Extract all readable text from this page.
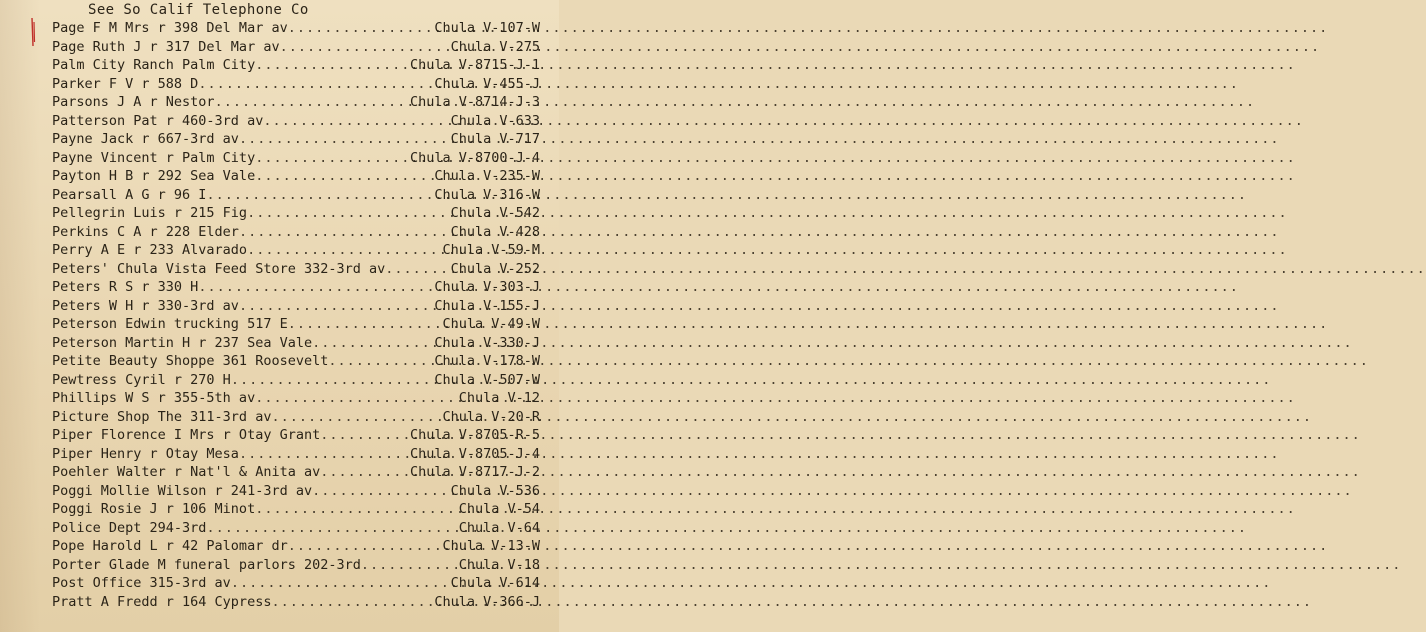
See So Calif Telephone Co
Page F M Mrs r 398 Del Mar av .....	Chula V-107-W
Page Ruth J r 317 Del Mar av .....	Chula V-275
Palm City Ranch Palm City .....	Chula V-8715-J-1
Parker F V r 588 D .....	Chula V-455-J
Parsons J A r Nestor .....	Chula V-8714-J-3
Patterson Pat r 460-3rd av .....	Chula V-633
Payne Jack r 667-3rd av .....	Chula V-717
Payne Vincent r Palm City .....	Chula V-8700-J-4
Payton H B r 292 Sea Vale .....	Chula V-235-W
Pearsall A G r 96 I .....	Chula V-316-W
Pellegrin Luis r 215 Fig .....	Chula V-542
Perkins C A r 228 Elder .....	Chula V-428
Perry A E r 233 Alvarado .....	Chula V-59-M
Peters' Chula Vista Feed Store 332-3rd av .....	Chula V-252
Peters R S r 330 H .....	Chula V-303-J
Peters W H r 330-3rd av .....	Chula V-155-J
Peterson Edwin trucking 517 E .....	Chula V-49-W
Peterson Martin H r 237 Sea Vale .....	Chula V-330-J
Petite Beauty Shoppe 361 Roosevelt .....	Chula V-178-W
Pewtress Cyril r 270 H .....	Chula V-507-W
Phillips W S r 355-5th av .....	Chula V-12
Picture Shop The 311-3rd av .....	Chula V-20-R
Piper Florence I Mrs r Otay Grant .....	Chula V-8705-R-5
Piper Henry r Otay Mesa .....	Chula V-8705-J-4
Poehler Walter r Nat'l & Anita av .....	Chula V-8717-J-2
Poggi Mollie Wilson r 241-3rd av .....	Chula V-536
Poggi Rosie J r 106 Minot .....	Chula V-54
Police Dept 294-3rd .....	Chula V-64
Pope Harold L r 42 Palomar dr .....	Chula V-13-W
Porter Glade M funeral parlors 202-3rd .....	Chula V-18
Post Office 315-3rd av .....	Chula V-614
Pratt A Fredd r 164 Cypress .....	Chula V-366-J
